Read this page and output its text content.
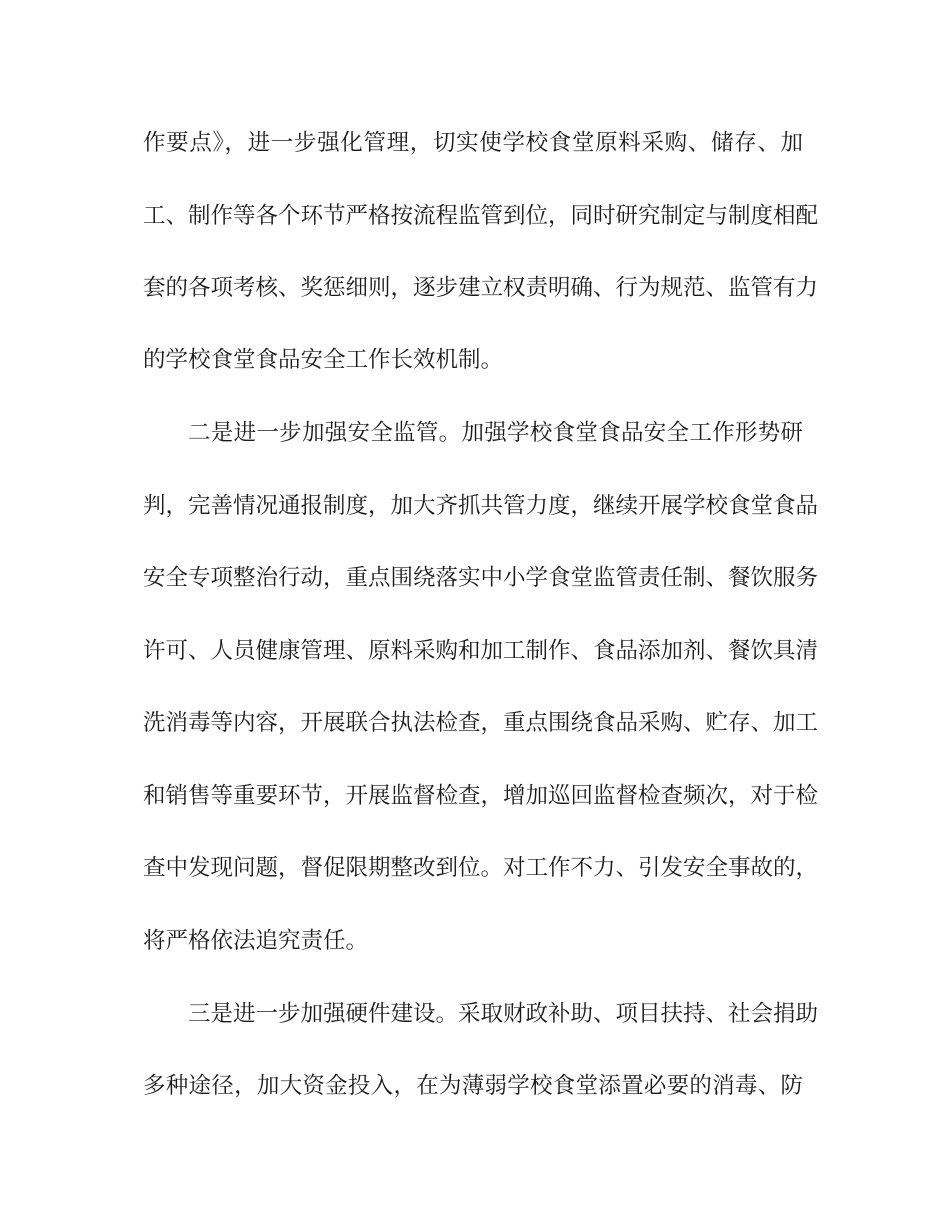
作要点》，进一步强化管理，切实使学校食堂原料采购、储存、加
工、制作等各个环节严格按流程监管到位，同时研究制定与制度相配
套的各项考核、奖惩细则，逐步建立权责明确、行为规范、监管有力
的学校食堂食品安全工作长效机制。
二是进一步加强安全监管。加强学校食堂食品安全工作形势研
判，完善情况通报制度，加大齐抓共管力度，继续开展学校食堂食品
安全专项整治行动，重点围绕落实中小学食堂监管责任制、餐饮服务
许可、人员健康管理、原料采购和加工制作、食品添加剂、餐饮具清
洗消毒等内容，开展联合执法检查，重点围绕食品采购、贮存、加工
和销售等重要环节，开展监督检查，增加巡回监督检查频次，对于检
查中发现问题，督促限期整改到位。对工作不力、引发安全事故的，
将严格依法追究责任。
三是进一步加强硬件建设。采取财政补助、项目扶持、社会捐助
多种途径，加大资金投入，在为薄弱学校食堂添置必要的消毒、防
